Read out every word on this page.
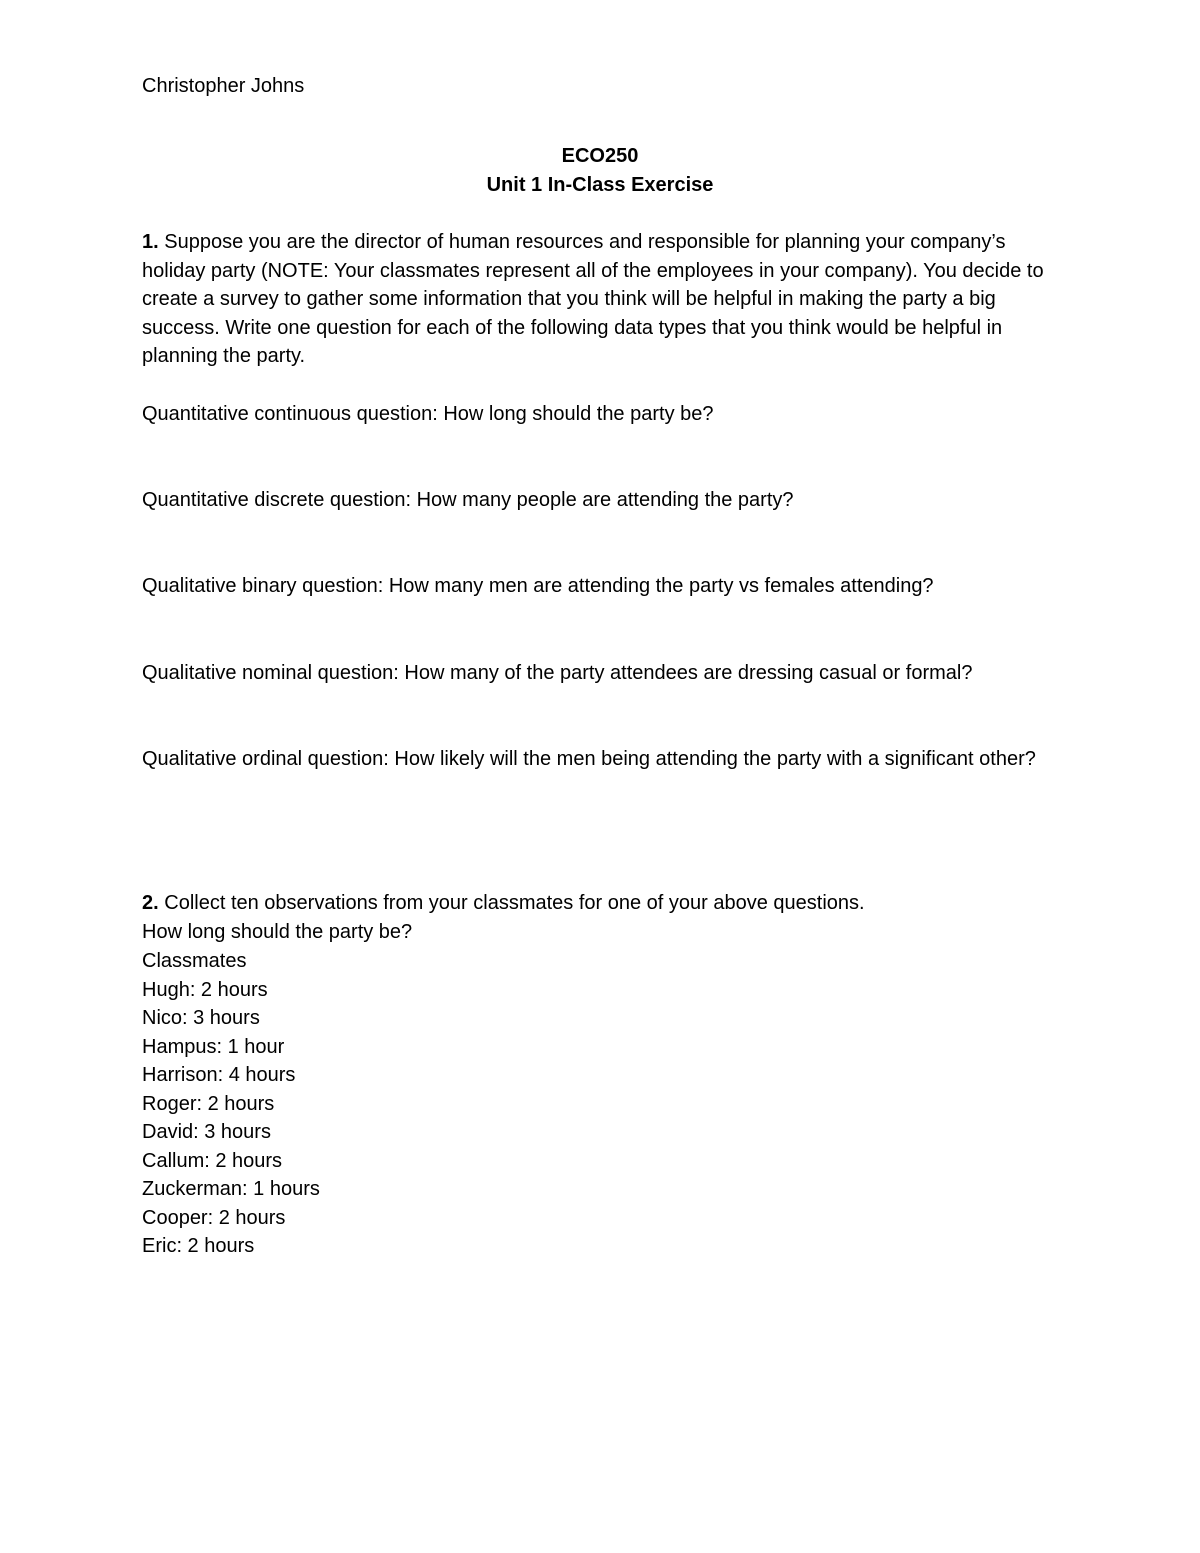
Christopher Johns

ECO250

Unit 1 In-Class Exercise

1. Suppose you are the director of human resources and responsible for planning your company’s holiday party (NOTE: Your classmates represent all of the employees in your company). You decide to create a survey to gather some information that you think will be helpful in making the party a big success. Write one question for each of the following data types that you think would be helpful in planning the party.

Quantitative continuous question: How long should the party be?

Quantitative discrete question: How many people are attending the party?

Qualitative binary question: How many men are attending the party vs females attending?

Qualitative nominal question: How many of the party attendees are dressing casual or formal?

Qualitative ordinal question: How likely will the men being attending the party with a significant other?

2. Collect ten observations from your classmates for one of your above questions.

How long should the party be?

Classmates
Hugh: 2 hours
Nico: 3 hours
Hampus: 1 hour
Harrison: 4 hours
Roger: 2 hours
David: 3 hours
Callum: 2 hours
Zuckerman: 1 hours
Cooper: 2 hours
Eric: 2 hours
